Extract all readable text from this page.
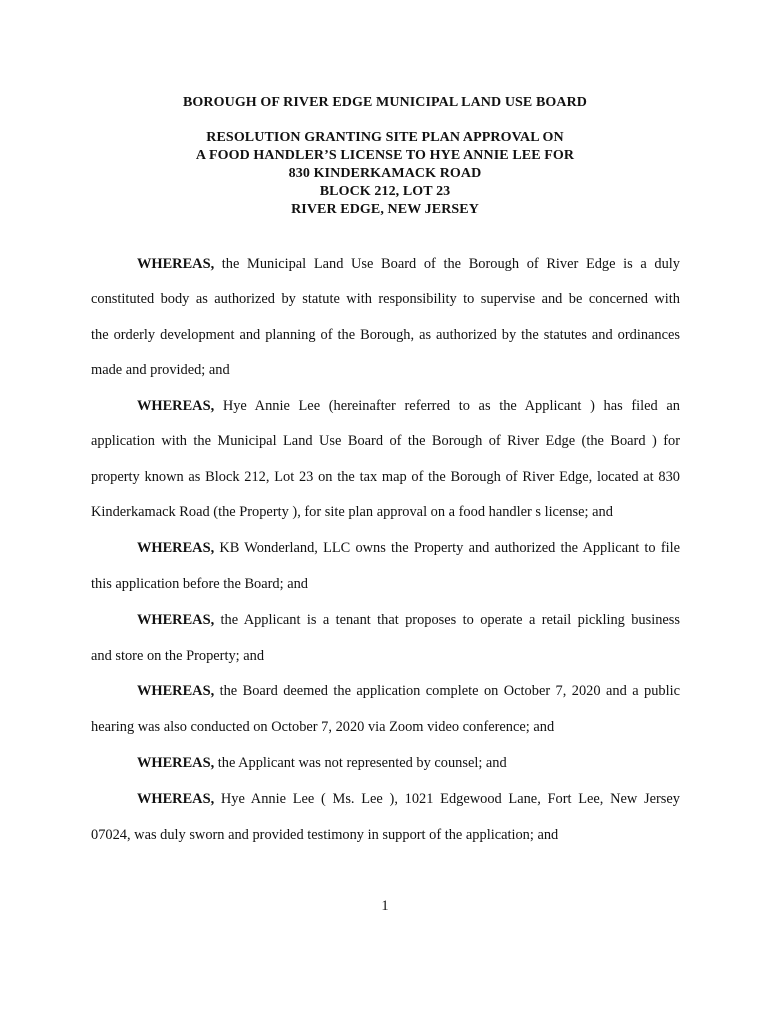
BOROUGH OF RIVER EDGE MUNICIPAL LAND USE BOARD
RESOLUTION GRANTING SITE PLAN APPROVAL ON
A FOOD HANDLER’S LICENSE TO HYE ANNIE LEE FOR
830 KINDERKAMACK ROAD
BLOCK 212, LOT 23
RIVER EDGE, NEW JERSEY
WHEREAS, the Municipal Land Use Board of the Borough of River Edge is a duly
constituted body as authorized by statute with responsibility to supervise and be concerned with
the orderly development and planning of the Borough, as authorized by the statutes and ordinances
made and provided; and
WHEREAS, Hye Annie Lee (hereinafter referred to as the Applicant ) has filed an
application with the Municipal Land Use Board of the Borough of River Edge (the Board ) for
property known as Block 212, Lot 23 on the tax map of the Borough of River Edge, located at 830
Kinderkamack Road (the Property ), for site plan approval on a food handler s license; and
WHEREAS, KB Wonderland, LLC owns the Property and authorized the Applicant to file
this application before the Board; and
WHEREAS, the Applicant is a tenant that proposes to operate a retail pickling business
and store on the Property; and
WHEREAS, the Board deemed the application complete on October 7, 2020 and a public
hearing was also conducted on October 7, 2020 via Zoom video conference; and
WHEREAS, the Applicant was not represented by counsel; and
WHEREAS, Hye Annie Lee ( Ms. Lee ), 1021 Edgewood Lane, Fort Lee, New Jersey
07024, was duly sworn and provided testimony in support of the application; and
1
